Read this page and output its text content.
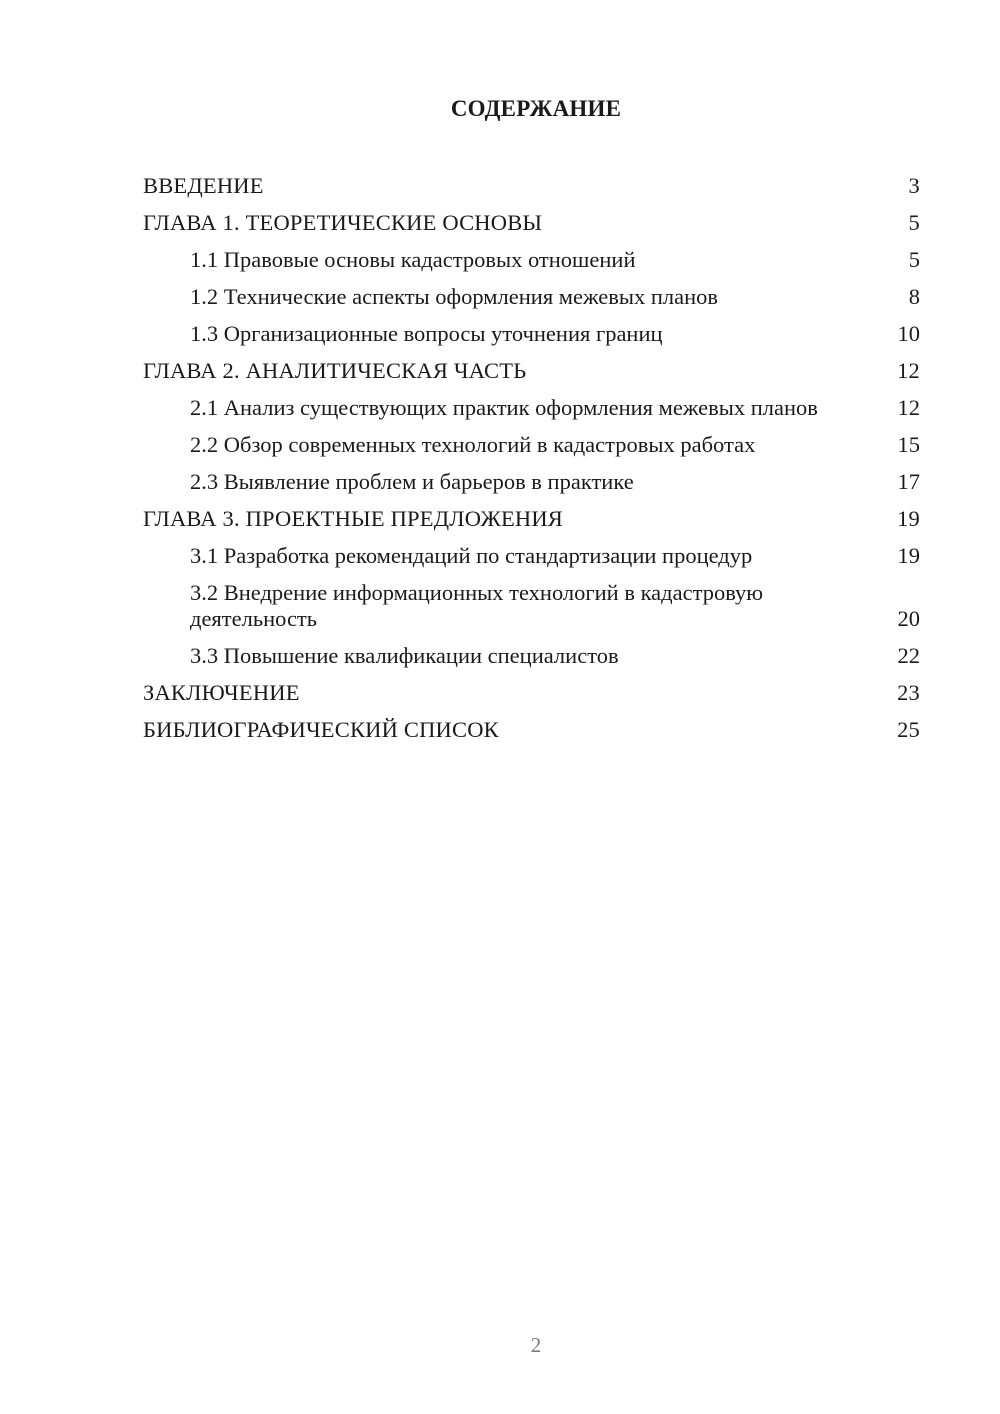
СОДЕРЖАНИЕ
ВВЕДЕНИЕ	3
ГЛАВА 1. ТЕОРЕТИЧЕСКИЕ ОСНОВЫ	5
1.1 Правовые основы кадастровых отношений	5
1.2 Технические аспекты оформления межевых планов	8
1.3 Организационные вопросы уточнения границ	10
ГЛАВА 2. АНАЛИТИЧЕСКАЯ ЧАСТЬ	12
2.1 Анализ существующих практик оформления межевых планов	12
2.2 Обзор современных технологий в кадастровых работах	15
2.3 Выявление проблем и барьеров в практике	17
ГЛАВА 3. ПРОЕКТНЫЕ ПРЕДЛОЖЕНИЯ	19
3.1 Разработка рекомендаций по стандартизации процедур	19
3.2 Внедрение информационных технологий в кадастровую деятельность	20
3.3 Повышение квалификации специалистов	22
ЗАКЛЮЧЕНИЕ	23
БИБЛИОГРАФИЧЕСКИЙ СПИСОК	25
2
